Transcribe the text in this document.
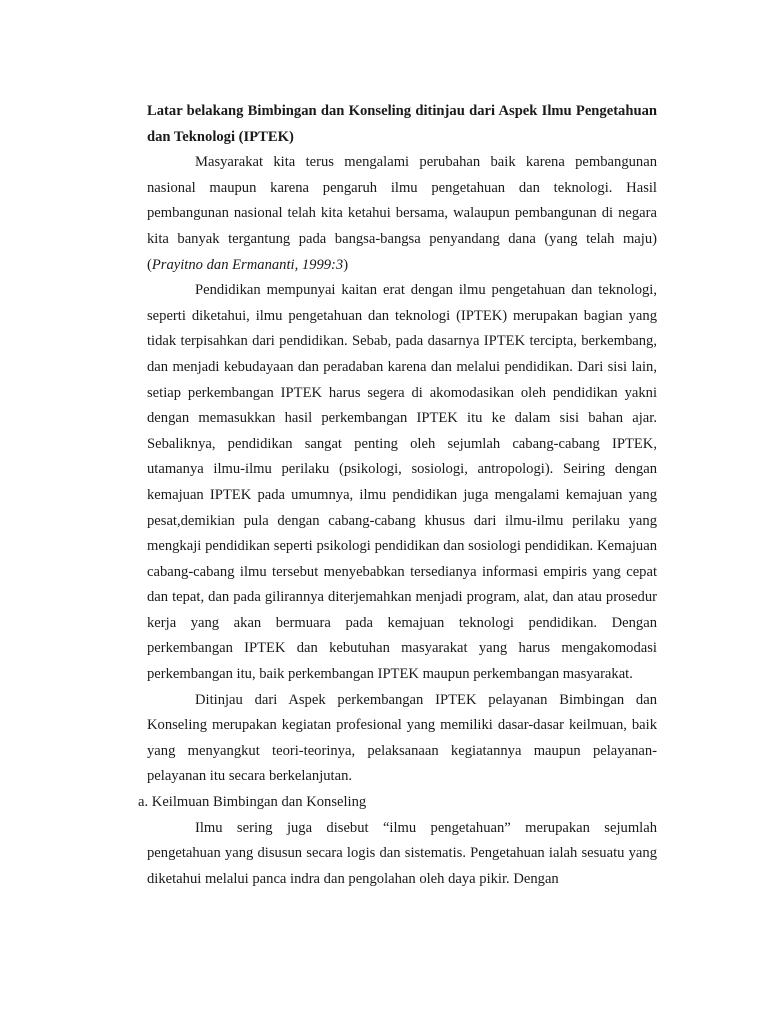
Latar belakang Bimbingan dan Konseling ditinjau dari Aspek Ilmu Pengetahuan dan Teknologi (IPTEK)

Masyarakat kita terus mengalami perubahan baik karena pembangunan nasional maupun karena pengaruh ilmu pengetahuan dan teknologi. Hasil pembangunan nasional telah kita ketahui bersama, walaupun pembangunan di negara kita banyak tergantung pada bangsa-bangsa penyandang dana (yang telah maju) (Prayitno dan Ermananti, 1999:3)

Pendidikan mempunyai kaitan erat dengan ilmu pengetahuan dan teknologi, seperti diketahui, ilmu pengetahuan dan teknologi (IPTEK) merupakan bagian yang tidak terpisahkan dari pendidikan. Sebab, pada dasarnya IPTEK tercipta, berkembang, dan menjadi kebudayaan dan peradaban karena dan melalui pendidikan. Dari sisi lain, setiap perkembangan IPTEK harus segera di akomodasikan oleh pendidikan yakni dengan memasukkan hasil perkembangan IPTEK itu ke dalam sisi bahan ajar. Sebaliknya, pendidikan sangat penting oleh sejumlah cabang-cabang IPTEK, utamanya ilmu-ilmu perilaku (psikologi, sosiologi, antropologi). Seiring dengan kemajuan IPTEK pada umumnya, ilmu pendidikan juga mengalami kemajuan yang pesat,demikian pula dengan cabang-cabang khusus dari ilmu-ilmu perilaku yang mengkaji pendidikan seperti psikologi pendidikan dan sosiologi pendidikan. Kemajuan cabang-cabang ilmu tersebut menyebabkan tersedianya informasi empiris yang cepat dan tepat, dan pada gilirannya diterjemahkan menjadi program, alat, dan atau prosedur kerja yang akan bermuara pada kemajuan teknologi pendidikan. Dengan perkembangan IPTEK dan kebutuhan masyarakat yang harus mengakomodasi perkembangan itu, baik perkembangan IPTEK maupun perkembangan masyarakat.

Ditinjau dari Aspek perkembangan IPTEK pelayanan Bimbingan dan Konseling merupakan kegiatan profesional yang memiliki dasar-dasar keilmuan, baik yang menyangkut teori-teorinya, pelaksanaan kegiatannya maupun pelayanan-pelayanan itu secara berkelanjutan.

a. Keilmuan Bimbingan dan Konseling

Ilmu sering juga disebut “ilmu pengetahuan” merupakan sejumlah pengetahuan yang disusun secara logis dan sistematis. Pengetahuan ialah sesuatu yang diketahui melalui panca indra dan pengolahan oleh daya pikir. Dengan
